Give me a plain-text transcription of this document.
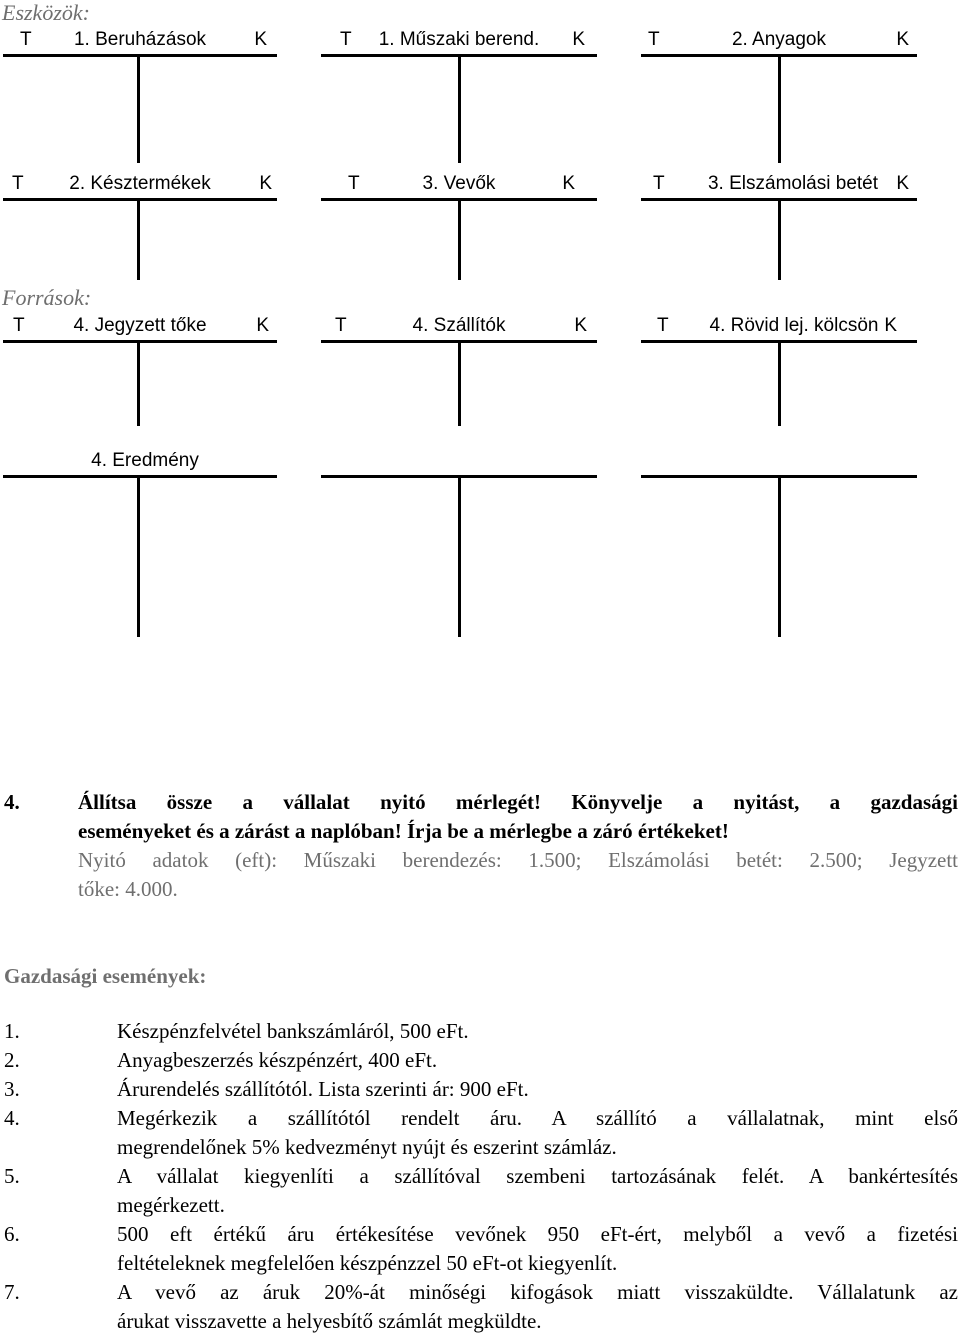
Eszközök:
T	1. Beruházások	K	T	1. Műszaki berend.	K	T	2. Anyagok	K
T	2. Késztermékek	K	T	3. Vevők	K	T	3. Elszámolási betét K
Források:
T	4. Jegyzett tőke	K	T	4. Szállítók	K	T	4. Rövid lej. kölcsön K
4. Eredmény
4.	Állítsa össze a vállalat nyitó mérlegét! Könyvelje a nyitást, a gazdasági
eseményeket és a zárást a naplóban! Írja be a mérlegbe a záró értékeket!
Nyitó adatok (eft): Műszaki berendezés: 1.500; Elszámolási betét: 2.500; Jegyzett
tőke: 4.000.
Gazdasági események:
1.	Készpénzfelvétel bankszámláról, 500 eFt.
2.	Anyagbeszerzés készpénzért, 400 eFt.
3.	Árurendelés szállítótól. Lista szerinti ár: 900 eFt.
4.	Megérkezik a szállítótól rendelt áru. A szállító a vállalatnak, mint első
megrendelőnek 5% kedvezményt nyújt és eszerint számláz.
5.	A vállalat kiegyenlíti a szállítóval szembeni tartozásának felét. A bankértesítés
megérkezett.
6.	500 eft értékű áru értékesítése vevőnek 950 eFt-ért, melyből a vevő a fizetési
feltételeknek megfelelően készpénzzel 50 eFt-ot kiegyenlít.
7.	A vevő az áruk 20%-át minőségi kifogások miatt visszaküldte. Vállalatunk az
árukat visszavette a helyesbítő számlát megküldte.
